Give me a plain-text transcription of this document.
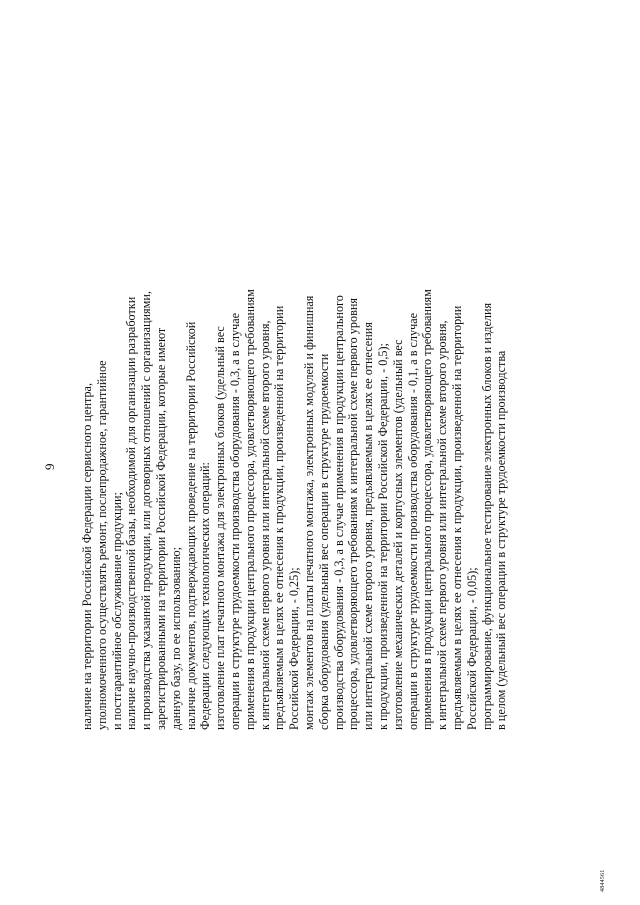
9 наличие на территории Российской Федерации сервисного центра, уполномоченного осуществлять ремонт, послепродажное, гарантийное и постгарантийное обслуживание продукции; наличие научно-производственной базы, необходимой для организации разработки и производства указанной продукции, или договорных отношений с организациями, зарегистрированными на территории Российской Федерации, которые имеют данную базу, по ее использованию; наличие документов, подтверждающих проведение на территории Российской Федерации следующих технологических операций: изготовление плат печатного монтажа для электронных блоков (удельный вес операции в структуре трудоемкости производства оборудования - 0,3, а в случае применения в продукции центрального процессора, удовлетворяющего требованиям к интегральной схеме первого уровня или интегральной схеме второго уровня, предъявляемым в целях ее отнесения к продукции, произведенной на территории Российской Федерации, - 0,25); монтаж элементов на платы печатного монтажа, электронных модулей и финишная сборка оборудования (удельный вес операции в структуре трудоемкости производства оборудования - 0,3, а в случае применения в продукции центрального процессора, удовлетворяющего требованиям к интегральной схеме первого уровня или интегральной схеме второго уровня, предъявляемым в целях ее отнесения к продукции, произведенной на территории Российской Федерации, - 0,5); изготовление механических деталей и корпусных элементов (удельный вес операции в структуре трудоемкости производства оборудования - 0,1, а в случае применения в продукции центрального процессора, удовлетворяющего требованиям к интегральной схеме первого уровня или интегральной схеме второго уровня, предъявляемым в целях ее отнесения к продукции, произведенной на территории Российской Федерации, - 0,05); программирование, функциональное тестирование электронных блоков и изделия в целом (удельный вес операции в структуре трудоемкости производства
4844561
